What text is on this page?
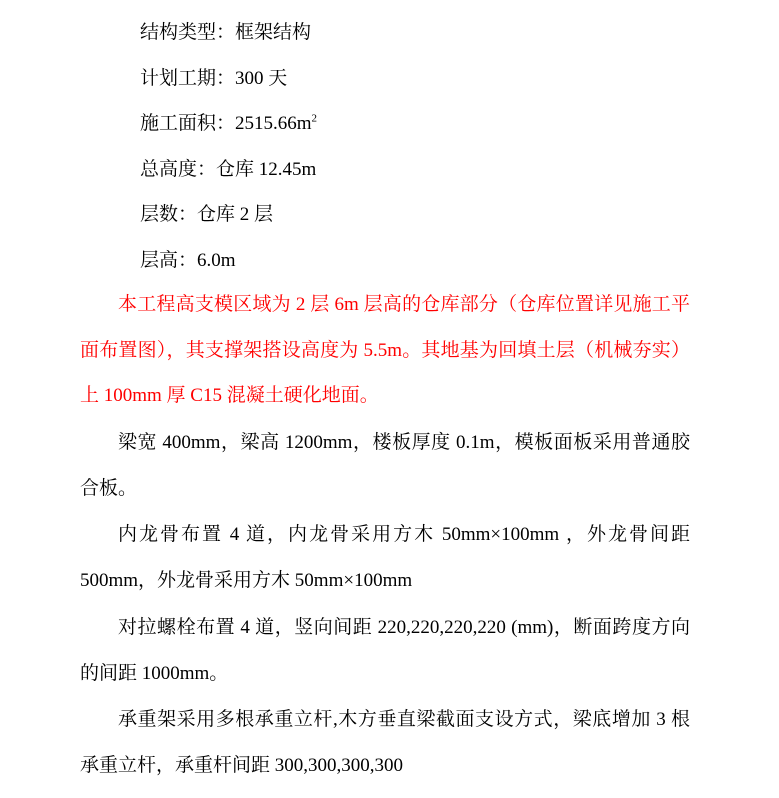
结构类型：框架结构
计划工期：300 天
施工面积：$2515.66m^2$
总高度：仓库 12.45m
层数：仓库 2 层
层高：6.0m

本工程高支模区域为 2 层 6m 层高的仓库部分（仓库位置详见施工平面布置图），其支撑架搭设高度为 5.5m。其地基为回填土层（机械夯实）上 100mm 厚 C15 混凝土硬化地面。

梁宽 400mm，梁高 1200mm，楼板厚度 0.1m，模板面板采用普通胶合板。

内龙骨布置 4 道，内龙骨采用方木 50mm×100mm ，外龙骨间距 500mm，外龙骨采用方木 50mm×100mm

对拉螺栓布置 4 道，竖向间距 220,220,220,220 (mm)，断面跨度方向的间距 1000mm。

承重架采用多根承重立杆,木方垂直梁截面支设方式，梁底增加 3 根承重立杆，承重杆间距 300,300,300,300
